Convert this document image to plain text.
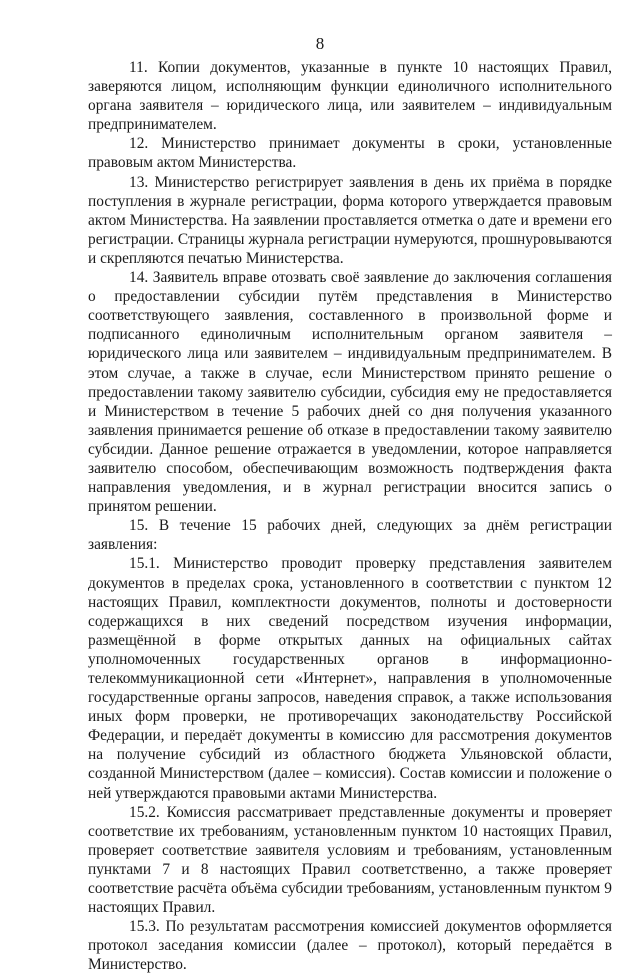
8

11. Копии документов, указанные в пункте 10 настоящих Правил, заверяются лицом, исполняющим функции единоличного исполнительного органа заявителя – юридического лица, или заявителем – индивидуальным предпринимателем.

12. Министерство принимает документы в сроки, установленные правовым актом Министерства.

13. Министерство регистрирует заявления в день их приёма в порядке поступления в журнале регистрации, форма которого утверждается правовым актом Министерства. На заявлении проставляется отметка о дате и времени его регистрации. Страницы журнала регистрации нумеруются, прошнуровываются и скрепляются печатью Министерства.

14. Заявитель вправе отозвать своё заявление до заключения соглашения о предоставлении субсидии путём представления в Министерство соответствующего заявления, составленного в произвольной форме и подписанного единоличным исполнительным органом заявителя – юридического лица или заявителем – индивидуальным предпринимателем. В этом случае, а также в случае, если Министерством принято решение о предоставлении такому заявителю субсидии, субсидия ему не предоставляется и Министерством в течение 5 рабочих дней со дня получения указанного заявления принимается решение об отказе в предоставлении такому заявителю субсидии. Данное решение отражается в уведомлении, которое направляется заявителю способом, обеспечивающим возможность подтверждения факта направления уведомления, и в журнал регистрации вносится запись о принятом решении.

15. В течение 15 рабочих дней, следующих за днём регистрации заявления:

15.1. Министерство проводит проверку представления заявителем документов в пределах срока, установленного в соответствии с пунктом 12 настоящих Правил, комплектности документов, полноты и достоверности содержащихся в них сведений посредством изучения информации, размещённой в форме открытых данных на официальных сайтах уполномоченных государственных органов в информационно-телекоммуникационной сети «Интернет», направления в уполномоченные государственные органы запросов, наведения справок, а также использования иных форм проверки, не противоречащих законодательству Российской Федерации, и передаёт документы в комиссию для рассмотрения документов на получение субсидий из областного бюджета Ульяновской области, созданной Министерством (далее – комиссия). Состав комиссии и положение о ней утверждаются правовыми актами Министерства.

15.2. Комиссия рассматривает представленные документы и проверяет соответствие их требованиям, установленным пунктом 10 настоящих Правил, проверяет соответствие заявителя условиям и требованиям, установленным пунктами 7 и 8 настоящих Правил соответственно, а также проверяет соответствие расчёта объёма субсидии требованиям, установленным пунктом 9 настоящих Правил.

15.3. По результатам рассмотрения комиссией документов оформляется протокол заседания комиссии (далее – протокол), который передаётся в Министерство.
